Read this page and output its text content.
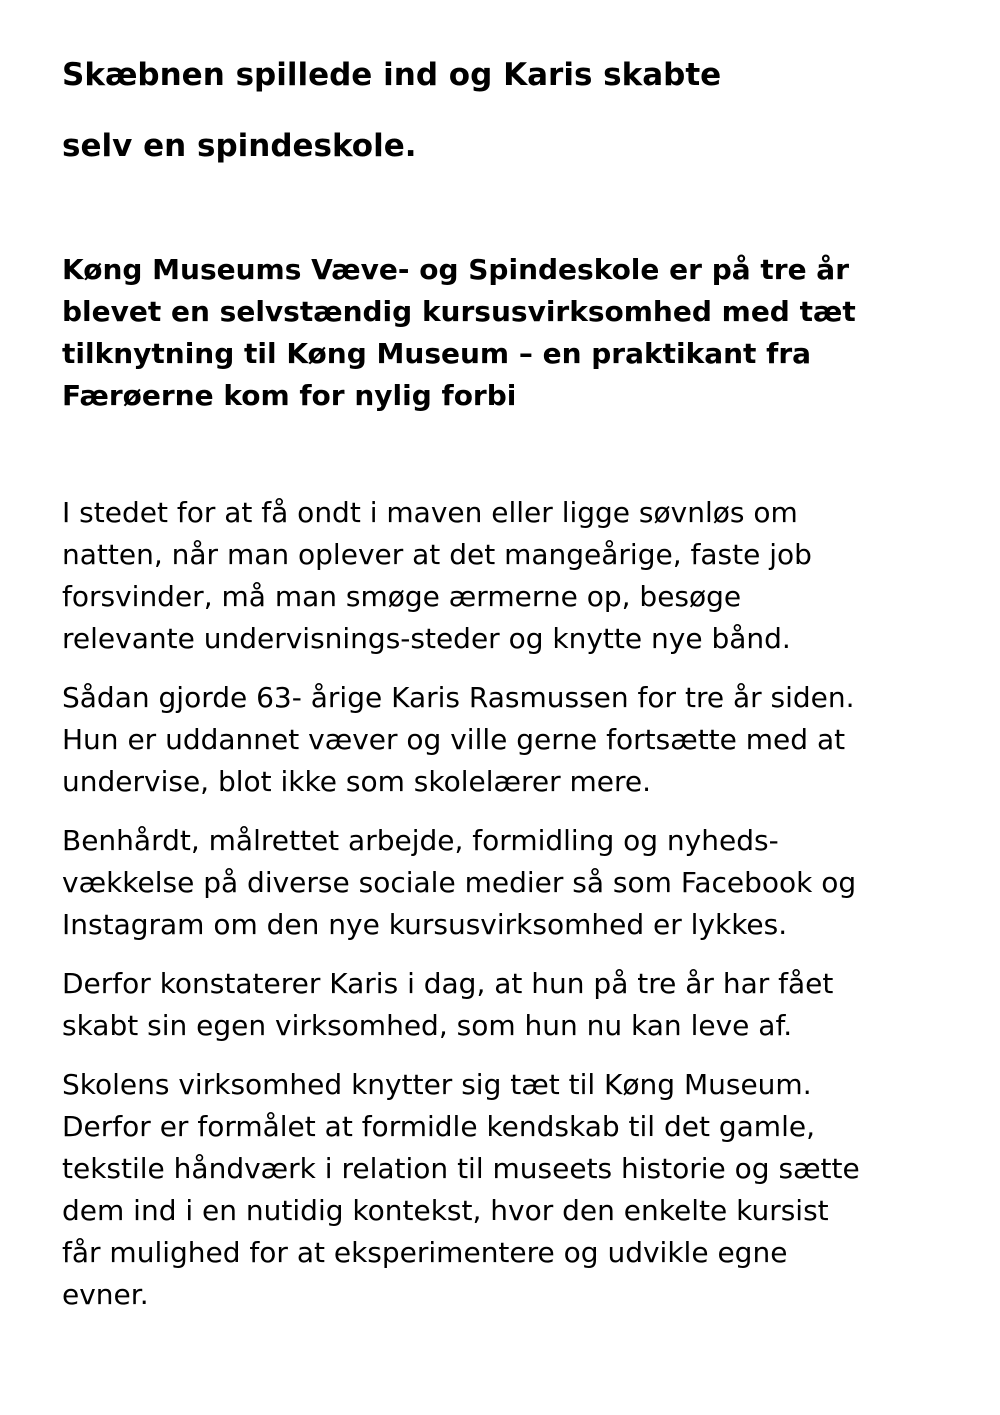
Skæbnen spillede ind og Karis skabte
selv en spindeskole.
Køng Museums Væve- og Spindeskole er på tre år
blevet en selvstændig kursusvirksomhed med tæt
tilknytning til Køng Museum – en praktikant fra
Færøerne kom for nylig forbi

I stedet for at få ondt i maven eller ligge søvnløs om
natten, når man oplever at det mangeårige, faste job
forsvinder, må man smøge ærmerne op, besøge
relevante undervisnings-steder og knytte nye bånd.

Sådan gjorde 63- årige Karis Rasmussen for tre år siden.
Hun er uddannet væver og ville gerne fortsætte med at
undervise, blot ikke som skolelærer mere.

Benhårdt, målrettet arbejde, formidling og nyheds-
vækkelse på diverse sociale medier så som Facebook og
Instagram om den nye kursusvirksomhed er lykkes.

Derfor konstaterer Karis i dag, at hun på tre år har fået
skabt sin egen virksomhed, som hun nu kan leve af.

Skolens virksomhed knytter sig tæt til Køng Museum.
Derfor er formålet at formidle kendskab til det gamle,
tekstile håndværk i relation til museets historie og sætte
dem ind i en nutidig kontekst, hvor den enkelte kursist
får mulighed for at eksperimentere og udvikle egne
evner.
